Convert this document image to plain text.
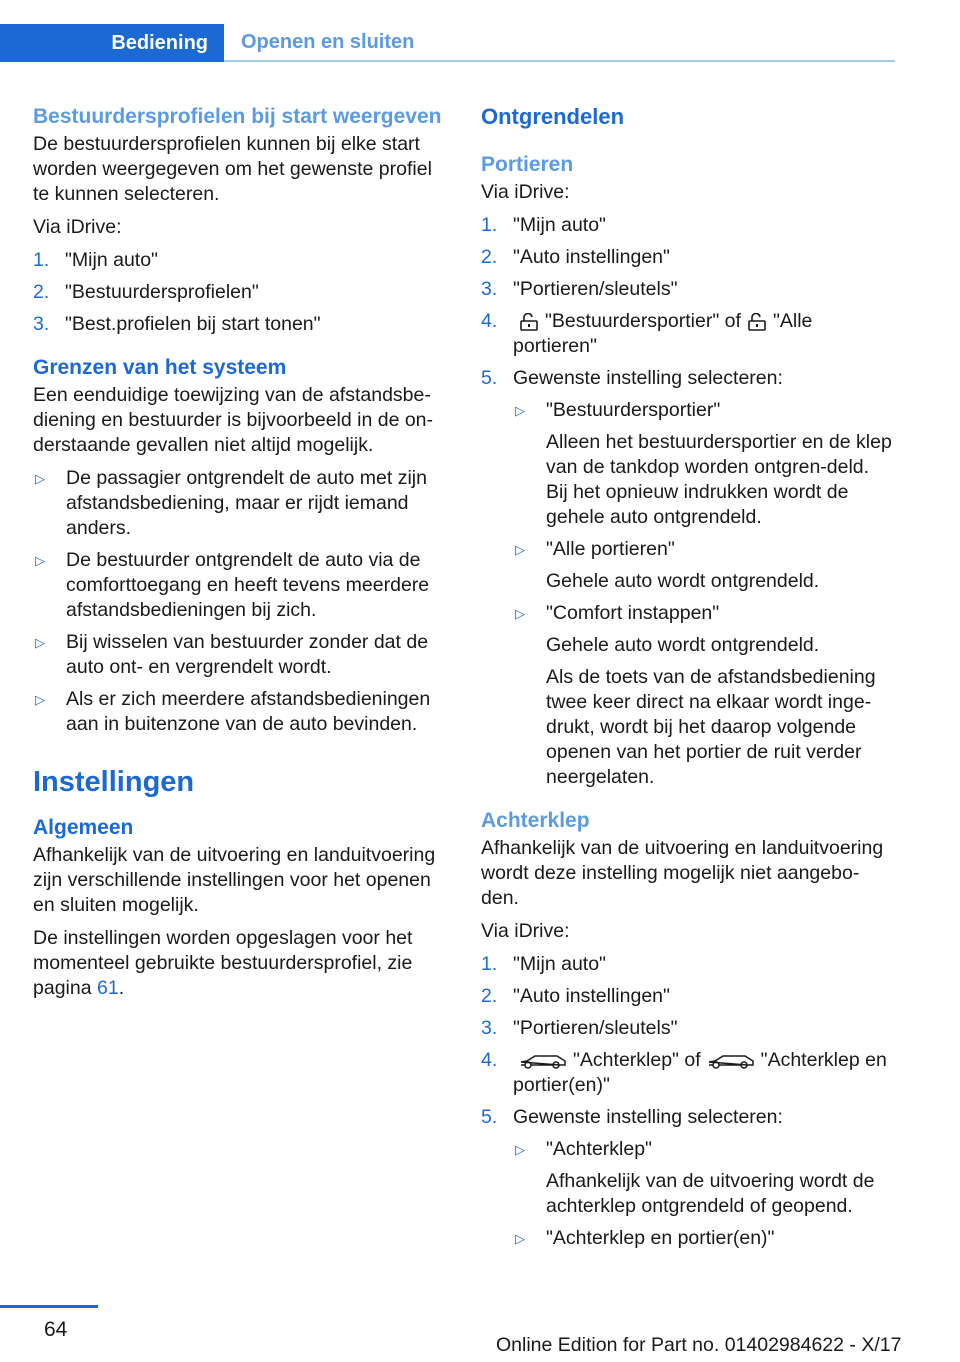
Bediening	Openen en sluiten
Bestuurdersprofielen bij start weergeven

De bestuurdersprofielen kunnen bij elke start worden weergegeven om het gewenste profiel te kunnen selecteren.

Via iDrive:

1. "Mijn auto"
2. "Bestuurdersprofielen"
3. "Best.profielen bij start tonen"
Grenzen van het systeem

Een eenduidige toewijzing van de afstandsbe-diening en bestuurder is bijvoorbeeld in de on-derstaande gevallen niet altijd mogelijk.

▷ De passagier ontgrendelt de auto met zijn afstandsbediening, maar er rijdt iemand anders.
▷ De bestuurder ontgrendelt de auto via de comforttoegang en heeft tevens meerdere afstandsbedieningen bij zich.
▷ Bij wisselen van bestuurder zonder dat de auto ont- en vergrendelt wordt.
▷ Als er zich meerdere afstandsbedieningen aan in buitenzone van de auto bevinden.
Instellingen
Algemeen

Afhankelijk van de uitvoering en landuitvoering zijn verschillende instellingen voor het openen en sluiten mogelijk.

De instellingen worden opgeslagen voor het momenteel gebruikte bestuurdersprofiel, zie pagina 61.

Ontgrendelen
Portieren

Via iDrive:

1. "Mijn auto"
2. "Auto instellingen"
3. "Portieren/sleutels"
4. "Bestuurdersportier" of "Alle portieren"
5. Gewenste instelling selecteren:
▷ "Bestuurdersportier"
Alleen het bestuurdersportier en de klep van de tankdop worden ontgren-deld. Bij het opnieuw indrukken wordt de gehele auto ontgrendeld.
▷ "Alle portieren"
Gehele auto wordt ontgrendeld.
▷ "Comfort instappen"
Gehele auto wordt ontgrendeld.
Als de toets van de afstandsbediening twee keer direct na elkaar wordt inge-drukt, wordt bij het daarop volgende openen van het portier de ruit verder neergelaten.
Achterklep

Afhankelijk van de uitvoering en landuitvoering wordt deze instelling mogelijk niet aangebo-den.

Via iDrive:

1. "Mijn auto"
2. "Auto instellingen"
3. "Portieren/sleutels"
4.	"Achterklep" of	"Achterklep en portier(en)"
5. Gewenste instelling selecteren:
▷ "Achterklep"
Afhankelijk van de uitvoering wordt de achterklep ontgrendeld of geopend.
▷ "Achterklep en portier(en)"
64
Online Edition for Part no. 01402984622 - X/17
